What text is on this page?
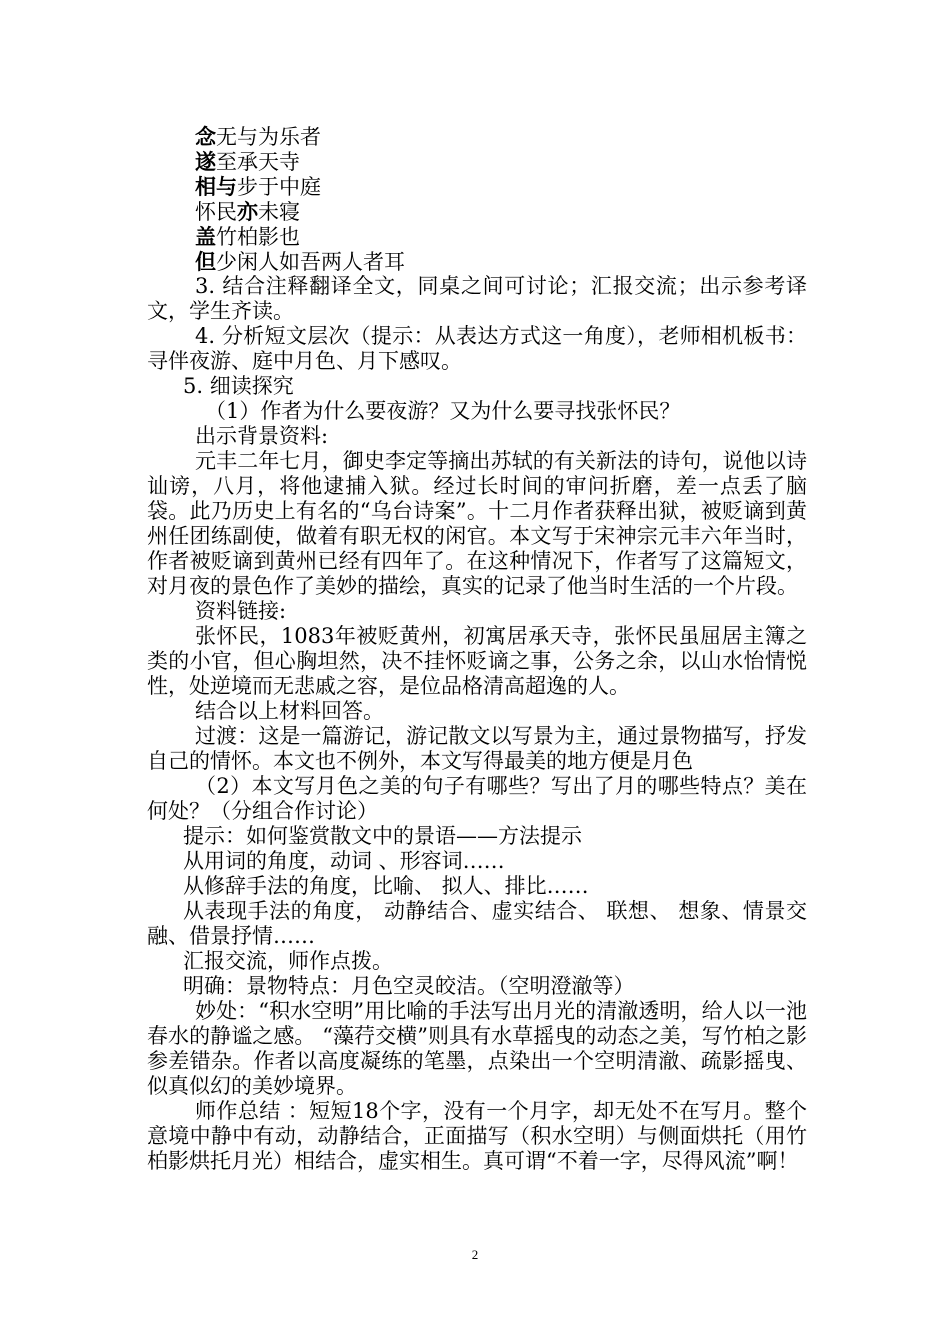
念无与为乐者
遂至承天寺
相与步于中庭
怀民亦未寝
盖竹柏影也
但少闲人如吾两人者耳

3. 结合注释翻译全文，同桌之间可讨论；汇报交流；出示参考译文，学生齐读。

4. 分析短文层次（提示：从表达方式这一角度），老师相机板书：寻伴夜游、庭中月色、月下感叹。

5. 细读探究

（1）作者为什么要夜游？又为什么要寻找张怀民？

出示背景资料:

元丰二年七月，御史李定等摘出苏轼的有关新法的诗句，说他以诗讪谤，八月，将他逮捕入狱。经过长时间的审问折磨，差一点丢了脑袋。此乃历史上有名的“乌台诗案”。十二月作者获释出狱，被贬谪到黄州任团练副使，做着有职无权的闲官。本文写于宋神宗元丰六年当时，作者被贬谪到黄州已经有四年了。在这种情况下，作者写了这篇短文，对月夜的景色作了美妙的描绘，真实的记录了他当时生活的一个片段。

资料链接:

张怀民，1083年被贬黄州，初寓居承天寺，张怀民虽屈居主簿之类的小官，但心胸坦然，决不挂怀贬谪之事，公务之余，以山水怡情悦性，处逆境而无悲戚之容，是位品格清高超逸的人。

结合以上材料回答。

过渡：这是一篇游记，游记散文以写景为主，通过景物描写，抒发自己的情怀。本文也不例外，本文写得最美的地方便是月色

（2）本文写月色之美的句子有哪些？写出了月的哪些特点？美在何处？（分组合作讨论）

提示：如何鉴赏散文中的景语——方法提示

从用词的角度，动词 、形容词……

从修辞手法的角度，比喻、 拟人、排比……

从表现手法的角度， 动静结合、虚实结合、 联想、 想象、情景交融、借景抒情……

汇报交流，师作点拨。

明确：景物特点：月色空灵皎洁。（空明澄澈等）

妙处：“积水空明”用比喻的手法写出月光的清澈透明，给人以一池春水的静谧之感。 “藻荇交横”则具有水草摇曳的动态之美，写竹柏之影参差错杂。作者以高度凝练的笔墨，点染出一个空明清澈、疏影摇曳、似真似幻的美妙境界。

师作总结 ：短短18个字，没有一个月字，却无处不在写月。整个意境中静中有动，动静结合，正面描写（积水空明）与侧面烘托（用竹柏影烘托月光）相结合，虚实相生。真可谓“不着一字，尽得风流”啊！

2
